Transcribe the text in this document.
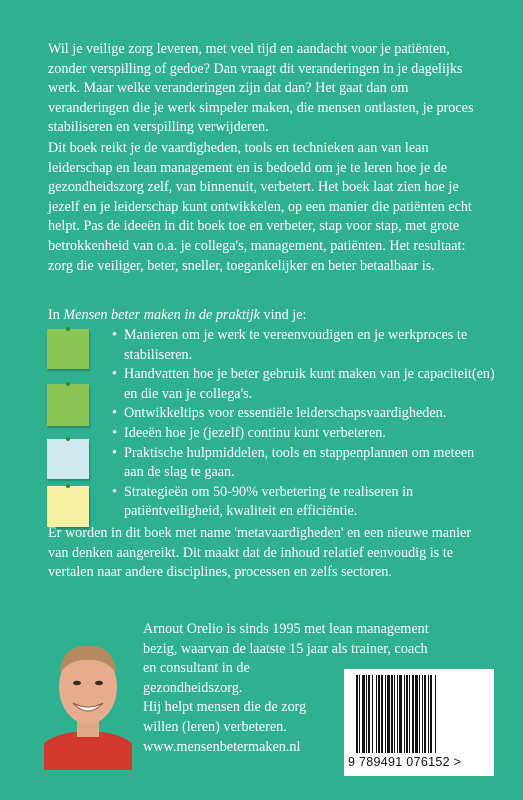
Wil je veilige zorg leveren, met veel tijd en aandacht voor je patiënten, zonder verspilling of gedoe? Dan vraagt dit veranderingen in je dagelijks werk. Maar welke veranderingen zijn dat dan? Het gaat dan om veranderingen die je werk simpeler maken, die mensen ontlasten, je proces stabiliseren en verspilling verwijderen.

Dit boek reikt je de vaardigheden, tools en technieken aan van lean leiderschap en lean management en is bedoeld om je te leren hoe je de gezondheidszorg zelf, van binnenuit, verbetert. Het boek laat zien hoe je jezelf en je leiderschap kunt ontwikkelen, op een manier die patiënten echt helpt. Pas de ideeën in dit boek toe en verbeter, stap voor stap, met grote betrokkenheid van o.a. je collega's, management, patiënten. Het resultaat: zorg die veiliger, beter, sneller, toegankelijker en beter betaalbaar is.

In Mensen beter maken in de praktijk vind je:

• Manieren om je werk te vereenvoudigen en je werkproces te stabiliseren.
• Handvatten hoe je beter gebruik kunt maken van je capaciteit(en) en die van je collega's.
• Ontwikkeltips voor essentiële leiderschapsvaardigheden.
• Ideeën hoe je (jezelf) continu kunt verbeteren.
• Praktische hulpmiddelen, tools en stappenplannen om meteen aan de slag te gaan.
• Strategieën om 50-90% verbetering te realiseren in patiëntveiligheid, kwaliteit en efficiëntie.

Er worden in dit boek met name 'metavaardigheden' en een nieuwe manier van denken aangereikt. Dit maakt dat de inhoud relatief eenvoudig is te vertalen naar andere disciplines, processen en zelfs sectoren.

Arnout Orelio is sinds 1995 met lean management
bezig, waarvan de laatste 15 jaar als trainer, coach
en consultant in de
gezondheidszorg.
Hij helpt mensen die de zorg
willen (leren) verbeteren.
www.mensenbetermaken.nl

9 789491 076152 >
